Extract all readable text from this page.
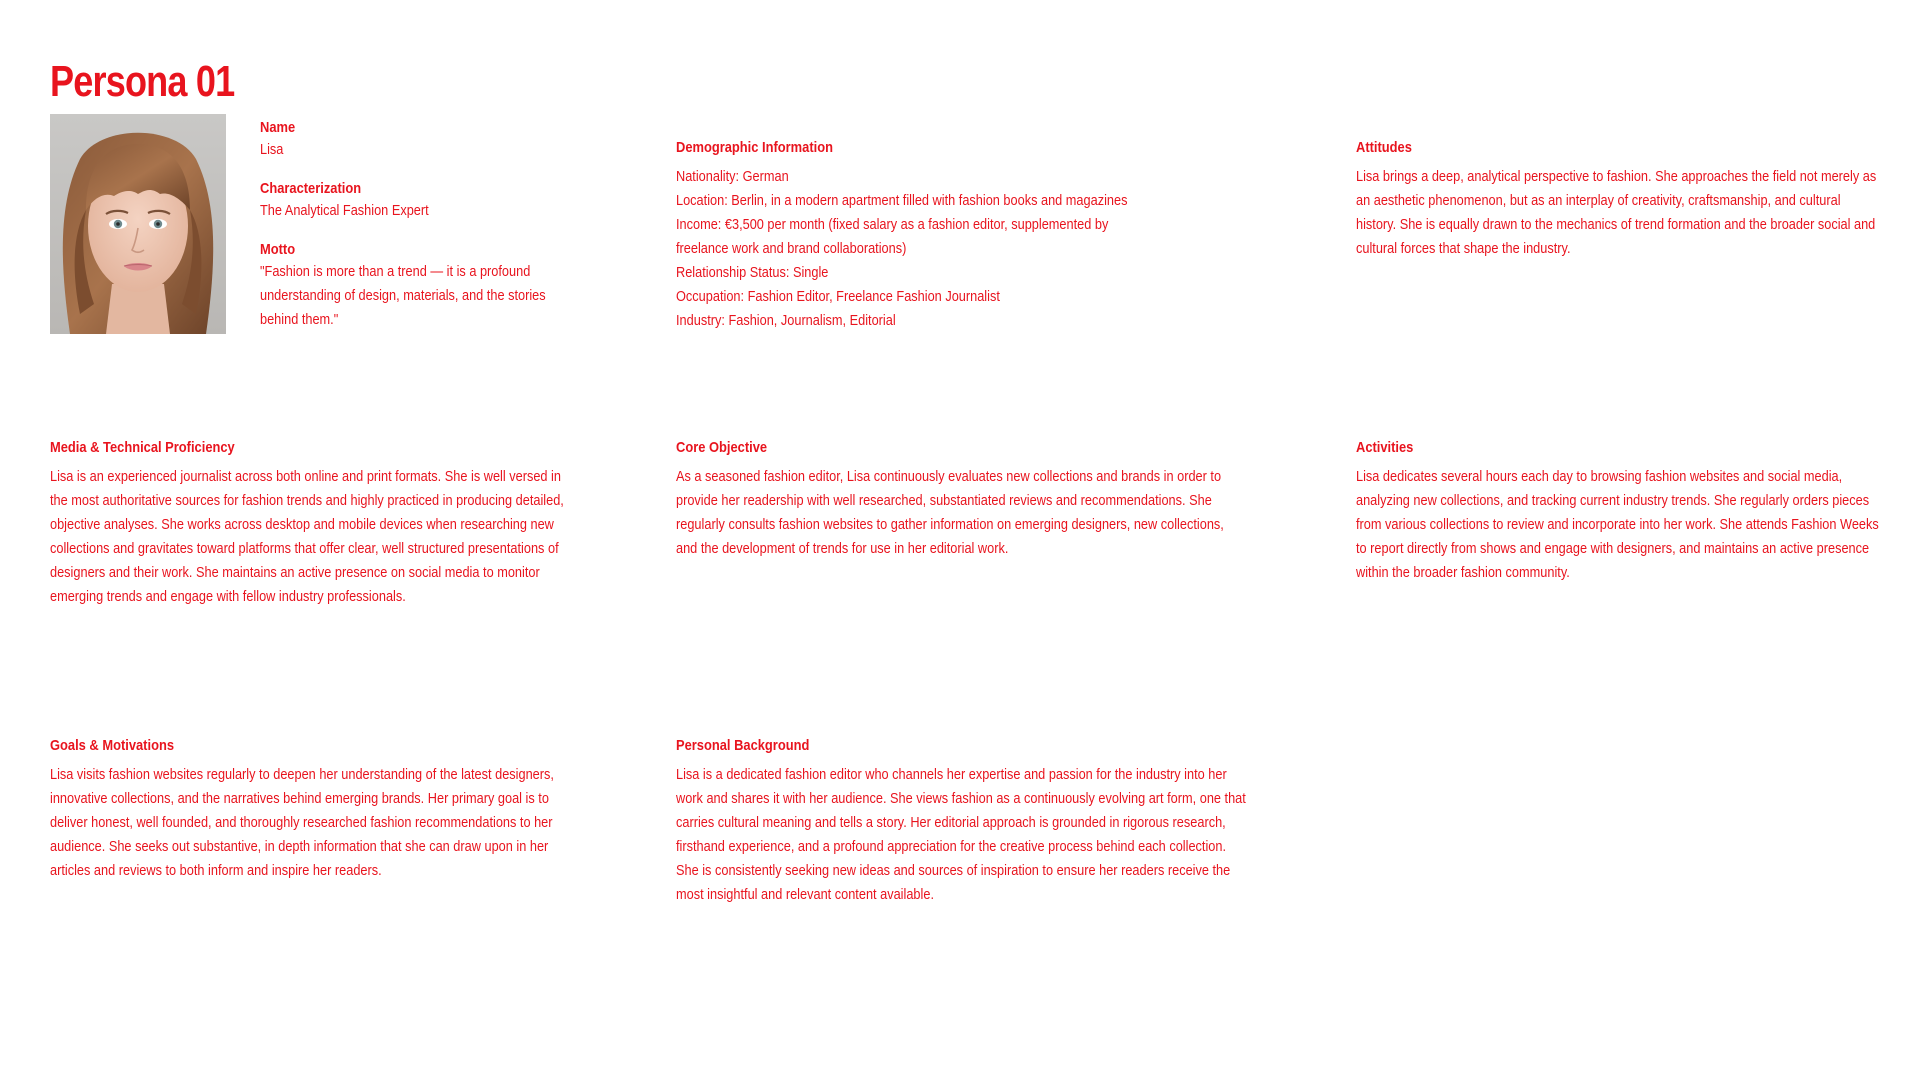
Persona 01
Name
Lisa
Characterization
The Analytical Fashion Expert
Motto
"Fashion is more than a trend — it is a profound understanding of design, materials, and the stories behind them."
Demographic Information
Nationality: German
Location: Berlin, in a modern apartment filled with fashion books and magazines
Income: €3,500 per month (fixed salary as a fashion editor, supplemented by freelance work and brand collaborations)
Relationship Status: Single
Occupation: Fashion Editor, Freelance Fashion Journalist
Industry: Fashion, Journalism, Editorial
Attitudes
Lisa brings a deep, analytical perspective to fashion. She approaches the field not merely as an aesthetic phenomenon, but as an interplay of creativity, craftsmanship, and cultural history. She is equally drawn to the mechanics of trend formation and the broader social and cultural forces that shape the industry.
Media & Technical Proficiency
Lisa is an experienced journalist across both online and print formats. She is well versed in the most authoritative sources for fashion trends and highly practiced in producing detailed, objective analyses. She works across desktop and mobile devices when researching new collections and gravitates toward platforms that offer clear, well structured presentations of designers and their work. She maintains an active presence on social media to monitor emerging trends and engage with fellow industry professionals.
Core Objective
As a seasoned fashion editor, Lisa continuously evaluates new collections and brands in order to provide her readership with well researched, substantiated reviews and recommendations. She regularly consults fashion websites to gather information on emerging designers, new collections, and the development of trends for use in her editorial work.
Activities
Lisa dedicates several hours each day to browsing fashion websites and social media, analyzing new collections, and tracking current industry trends. She regularly orders pieces from various collections to review and incorporate into her work. She attends Fashion Weeks to report directly from shows and engage with designers, and maintains an active presence within the broader fashion community.
Goals & Motivations
Lisa visits fashion websites regularly to deepen her understanding of the latest designers, innovative collections, and the narratives behind emerging brands. Her primary goal is to deliver honest, well founded, and thoroughly researched fashion recommendations to her audience. She seeks out substantive, in depth information that she can draw upon in her articles and reviews to both inform and inspire her readers.
Personal Background
Lisa is a dedicated fashion editor who channels her expertise and passion for the industry into her work and shares it with her audience. She views fashion as a continuously evolving art form, one that carries cultural meaning and tells a story. Her editorial approach is grounded in rigorous research, firsthand experience, and a profound appreciation for the creative process behind each collection. She is consistently seeking new ideas and sources of inspiration to ensure her readers receive the most insightful and relevant content available.
